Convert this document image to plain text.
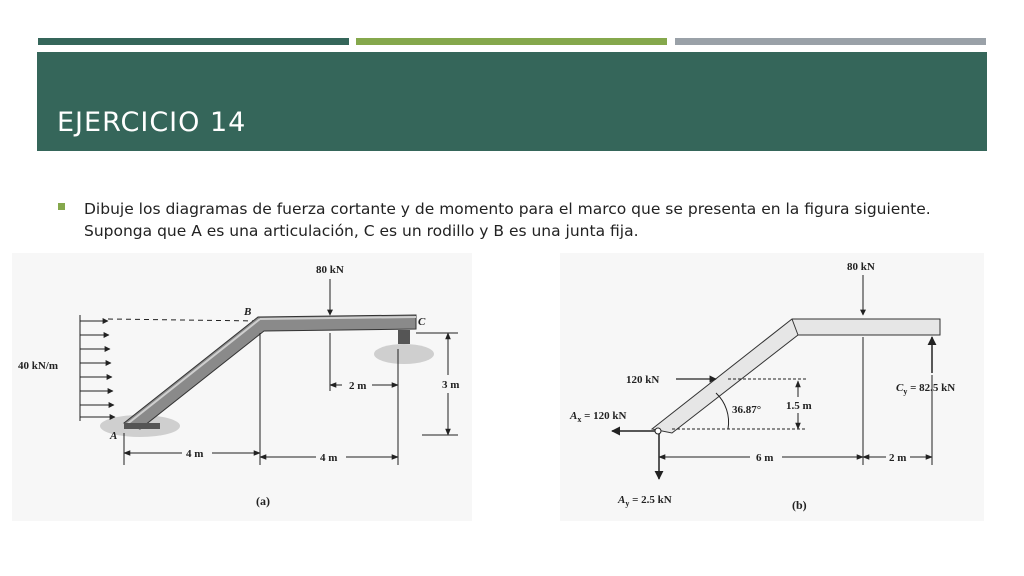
EJERCICIO 14
Dibuje los diagramas de fuerza cortante y de momento para el marco que se presenta en la figura siguiente.
Suponga que A es una articulación, C es un rodillo y B es una junta fija.
80 kN
40 kN/m
B
C
A
2 m	3 m
4 m	4 m
(a)
80 kN
120 kN
$A_x = 120$ kN
$A_y = 2.5$ kN
$C_y = 82.5$ kN
36.87° 1.5 m
6 m	2 m
(b)
